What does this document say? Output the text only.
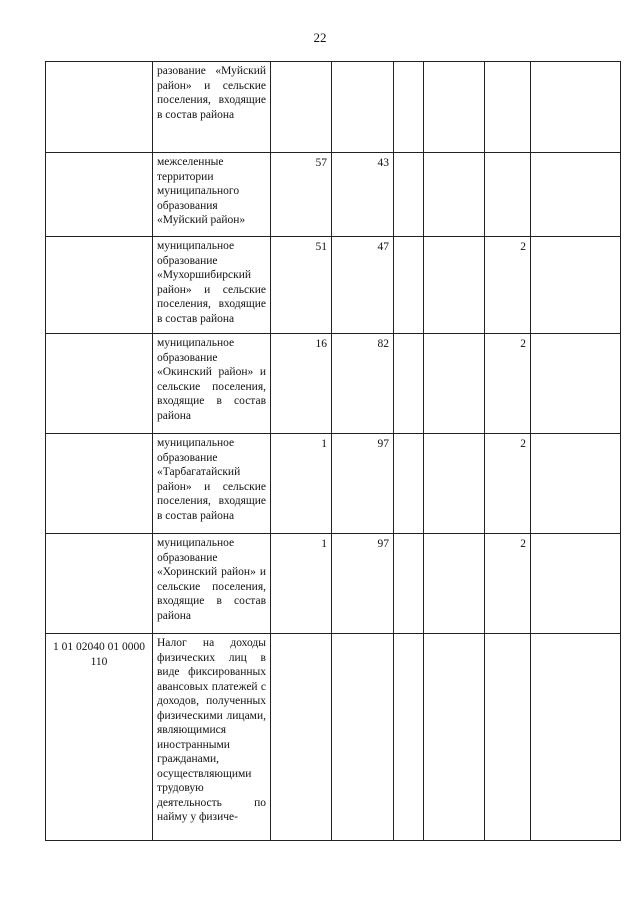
22

	разование «Муйский район» и сельские поселения, входящие в состав района						

	межселенные территории муниципального образования «Муйский район»	57	43				

	муниципальное образование «Мухоршибирский район» и сельские поселения, входящие в состав района	51	47			2	

	муниципальное образование «Окинский район» и сельские поселения, входящие в состав района	16	82			2	

	муниципальное образование «Тарбагатайский район» и сельские поселения, входящие в состав района	1	97			2	

	муниципальное образование «Хоринский район» и сельские поселения, входящие в состав района	1	97			2	
1 01 02040 01 0000 110	Налог на доходы физических лиц в виде фиксированных авансовых платежей с доходов, полученных физическими лицами, являющимися иностранными гражданами, осуществляющими трудовую деятельность по найму у физиче-						
